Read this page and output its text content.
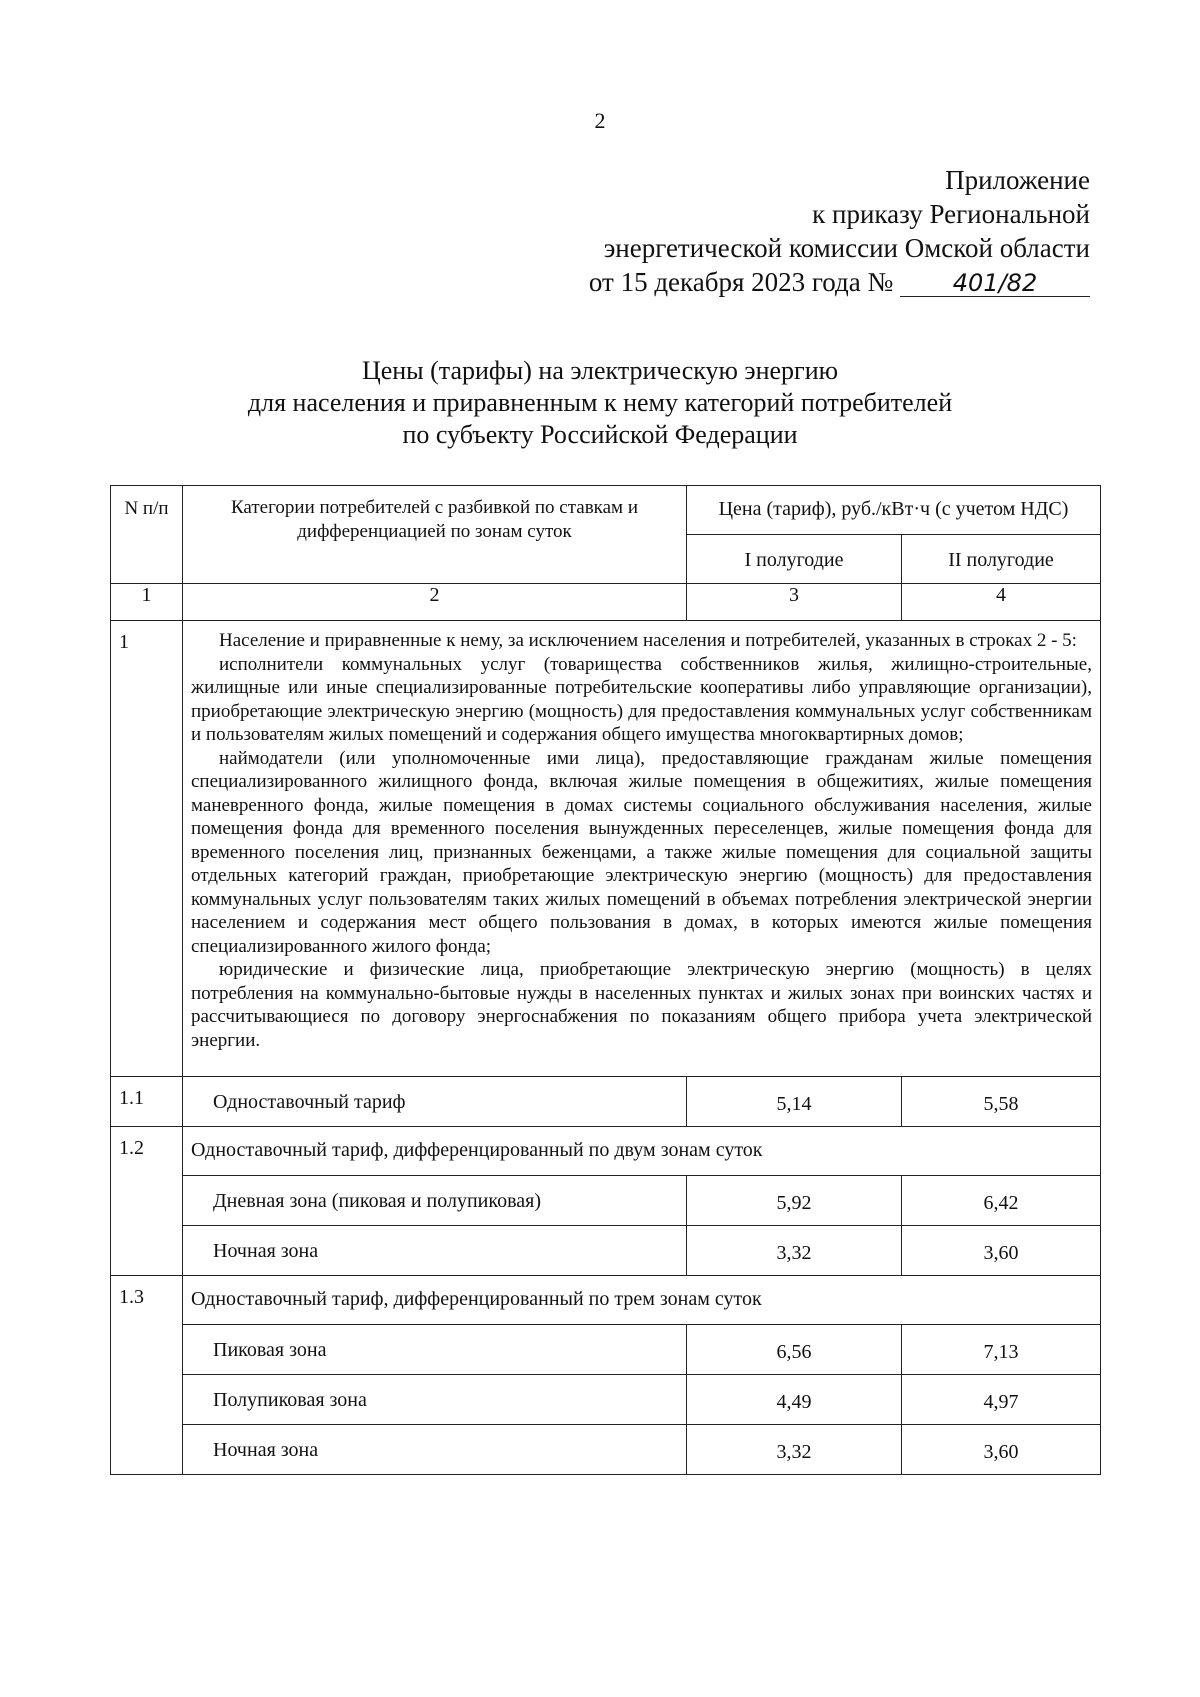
2
Приложение
к приказу Региональной
энергетической комиссии Омской области
от 15 декабря 2023 года № 401/82
Цены (тарифы) на электрическую энергию
для населения и приравненным к нему категорий потребителей
по субъекту Российской Федерации
N п/п	Категории потребителей с разбивкой по ставкам и дифференциацией по зонам суток	Цена (тариф), руб./кВт·ч (с учетом НДС)	
		I полугодие	II полугодие
1	2	3	4
1	Население и приравненные к нему, за исключением населения и потребителей, указанных в строках 2 - 5:

исполнители коммунальных услуг (товарищества собственников жилья, жилищно-строительные, жилищные или иные специализированные потребительские кооперативы либо управляющие организации), приобретающие электрическую энергию (мощность) для предоставления коммунальных услуг собственникам и пользователям жилых помещений и содержания общего имущества многоквартирных домов;

наймодатели (или уполномоченные ими лица), предоставляющие гражданам жилые помещения специализированного жилищного фонда, включая жилые помещения в общежитиях, жилые помещения маневренного фонда, жилые помещения в домах системы социального обслуживания населения, жилые помещения фонда для временного поселения вынужденных переселенцев, жилые помещения фонда для временного поселения лиц, признанных беженцами, а также жилые помещения для социальной защиты отдельных категорий граждан, приобретающие электрическую энергию (мощность) для предоставления коммунальных услуг пользователям таких жилых помещений в объемах потребления электрической энергии населением и содержания мест общего пользования в домах, в которых имеются жилые помещения специализированного жилого фонда;

юридические и физические лица, приобретающие электрическую энергию (мощность) в целях потребления на коммунально-бытовые нужды в населенных пунктах и жилых зонах при воинских частях и рассчитывающиеся по договору энергоснабжения по показаниям общего прибора учета электрической энергии.		

1.1	Одноставочный тариф	5,14	5,58
1.2	Одноставочный тариф, дифференцированный по двум зонам суток		
	Дневная зона (пиковая и полупиковая)	5,92	6,42
	Ночная зона	3,32	3,60
1.3	Одноставочный тариф, дифференцированный по трем зонам суток		
	Пиковая зона	6,56	7,13
	Полупиковая зона	4,49	4,97
	Ночная зона	3,32	3,60
